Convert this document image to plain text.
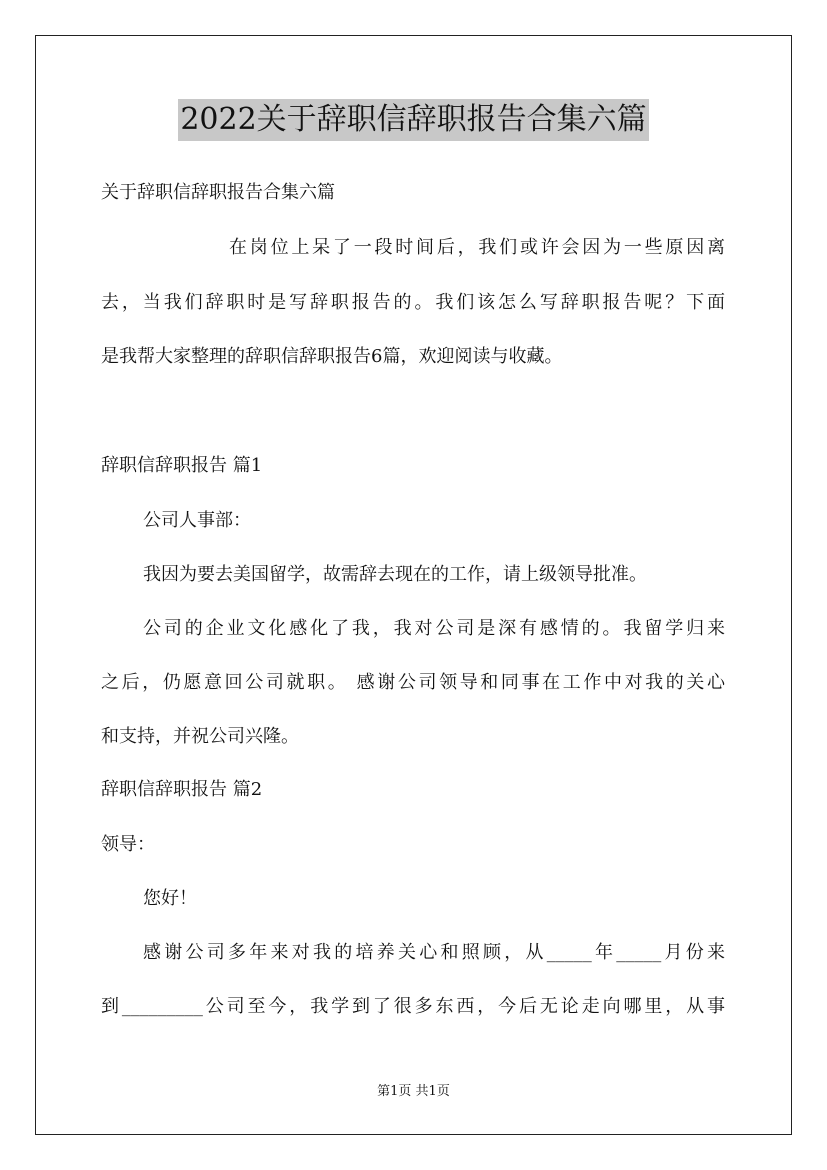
2022关于辞职信辞职报告合集六篇
关于辞职信辞职报告合集六篇
在岗位上呆了一段时间后，我们或许会因为一些原因离
去，当我们辞职时是写辞职报告的。我们该怎么写辞职报告呢？下面
是我帮大家整理的辞职信辞职报告6篇，欢迎阅读与收藏。
辞职信辞职报告 篇1
公司人事部：
我因为要去美国留学，故需辞去现在的工作，请上级领导批准。
公司的企业文化感化了我，我对公司是深有感情的。我留学归来
之后，仍愿意回公司就职。 感谢公司领导和同事在工作中对我的关心
和支持，并祝公司兴隆。
辞职信辞职报告 篇2
领导：
您好！
感谢公司多年来对我的培养关心和照顾，从_____年_____月份来
到_________公司至今，我学到了很多东西，今后无论走向哪里，从事
第1页 共1页
